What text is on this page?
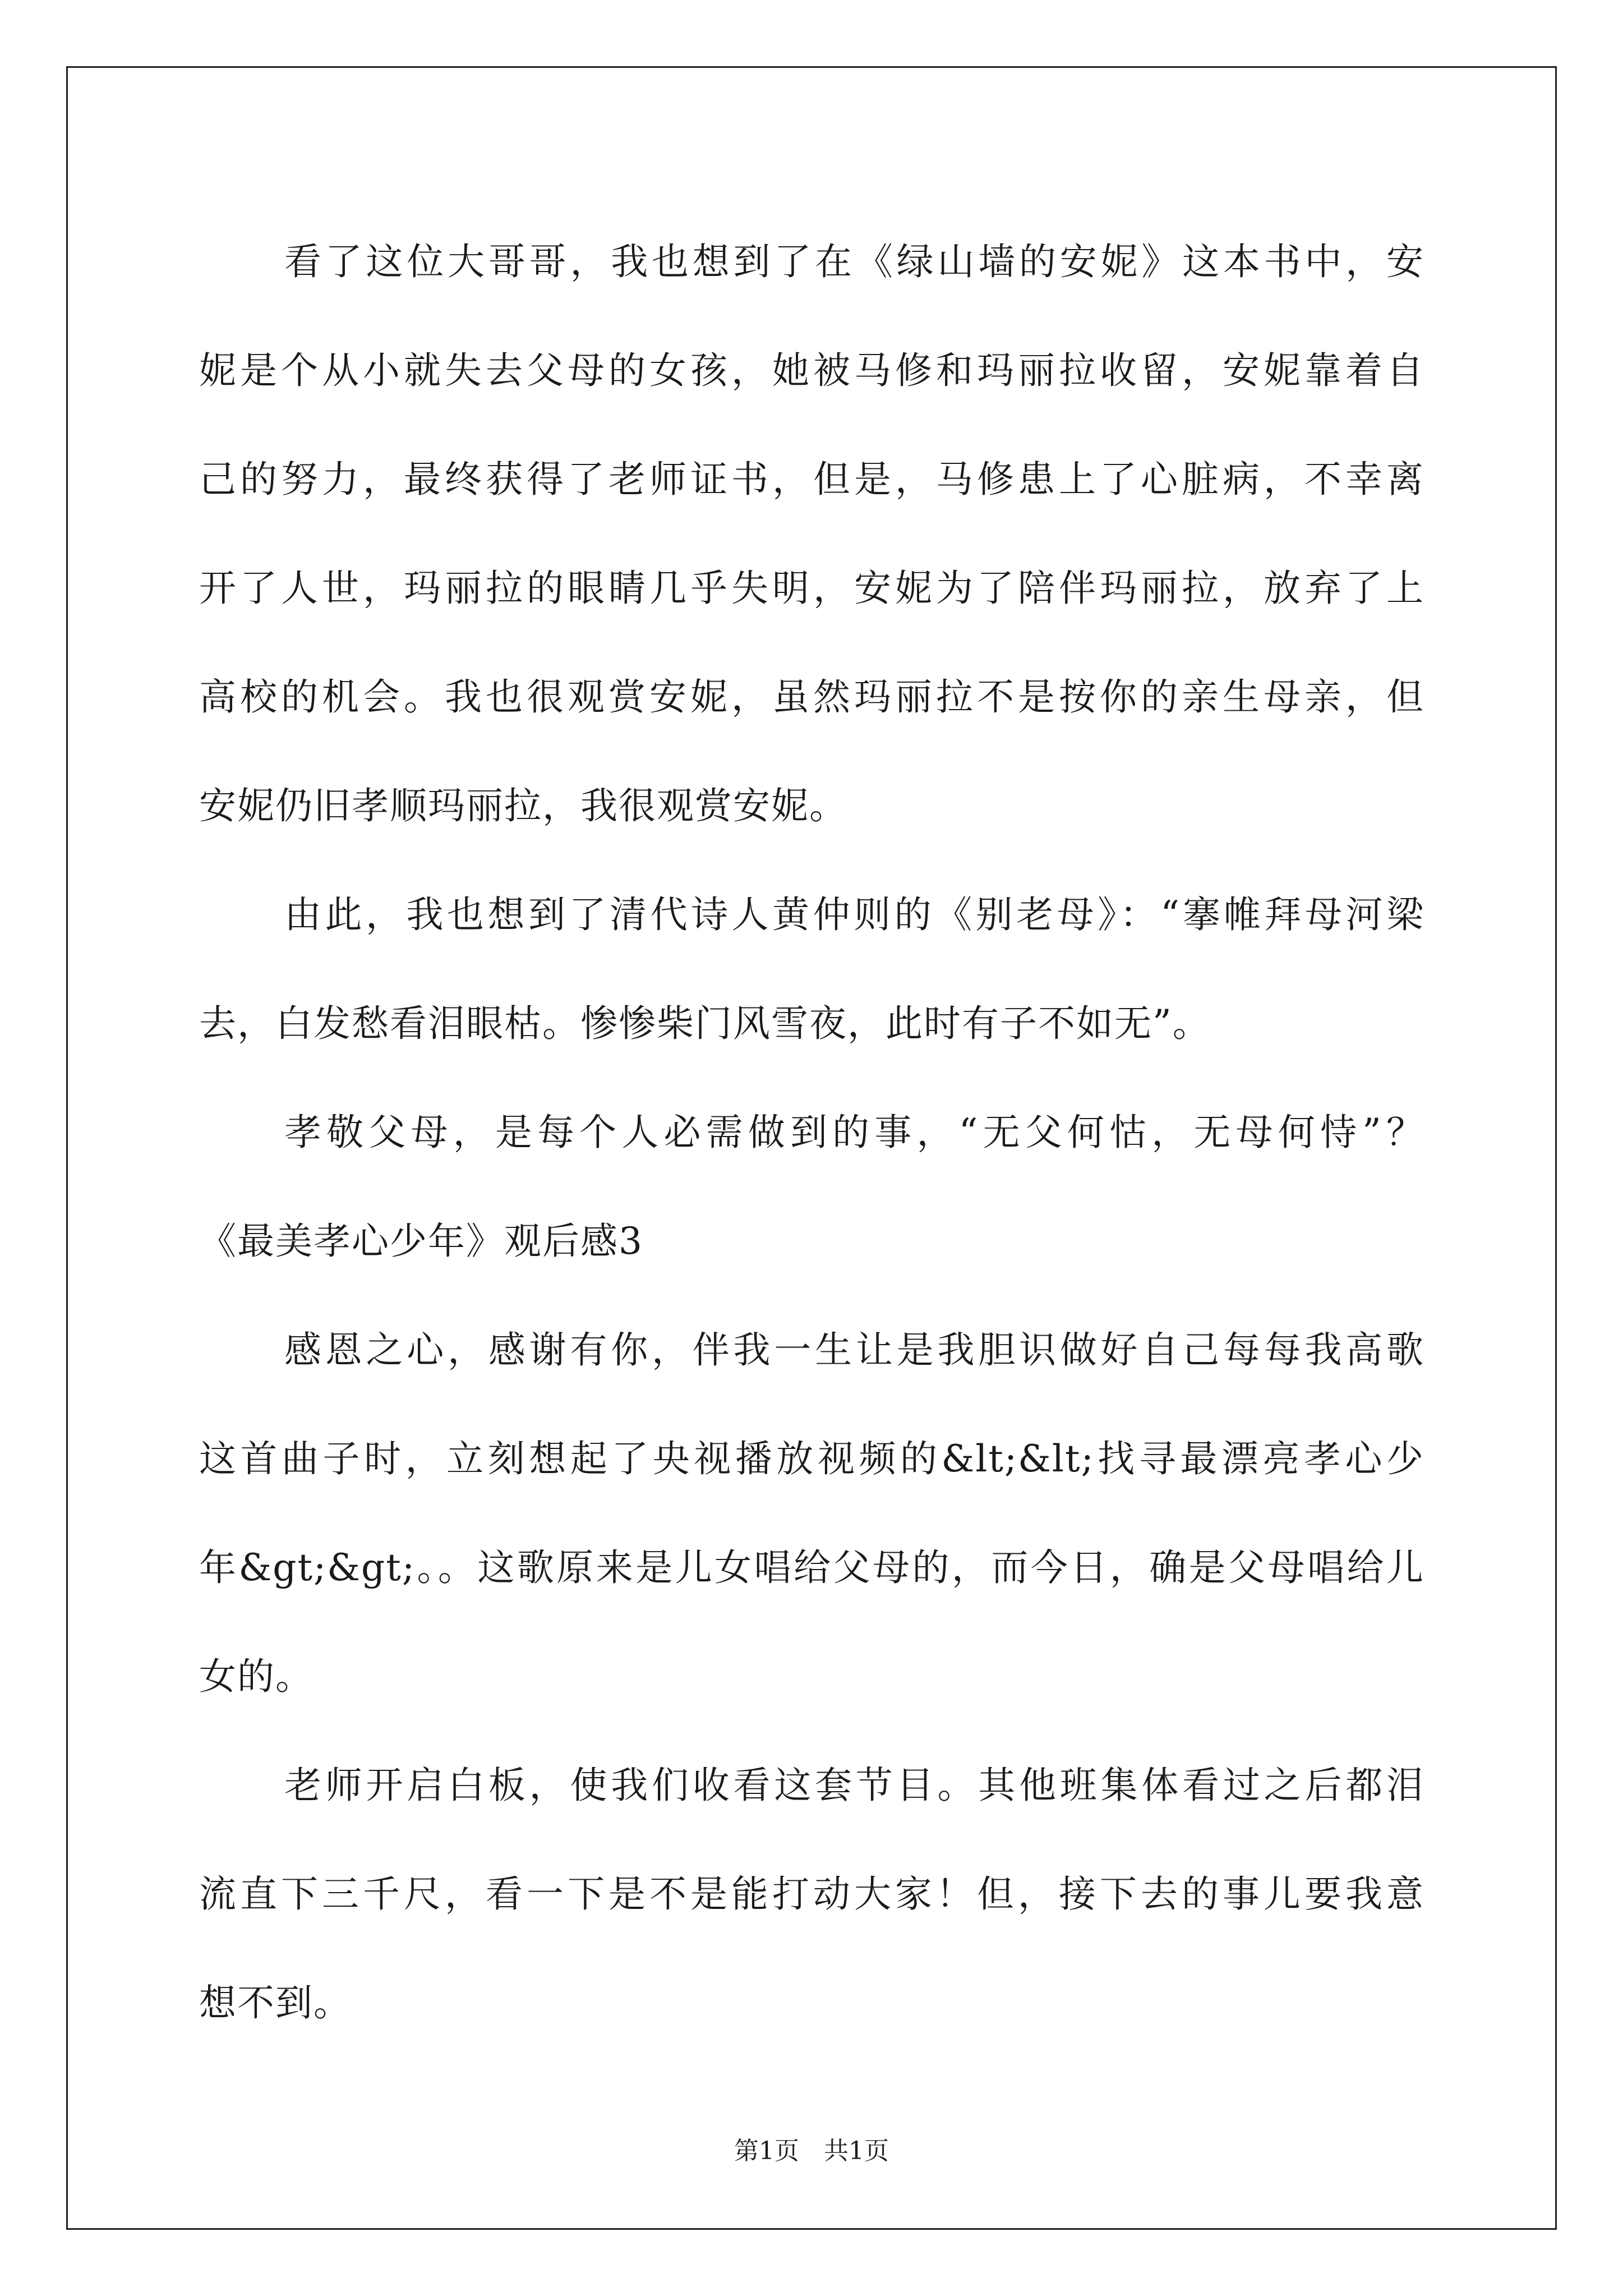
看了这位大哥哥，我也想到了在《绿山墙的安妮》这本书中，安
妮是个从小就失去父母的女孩，她被马修和玛丽拉收留，安妮靠着自
己的努力，最终获得了老师证书，但是，马修患上了心脏病，不幸离
开了人世，玛丽拉的眼睛几乎失明，安妮为了陪伴玛丽拉，放弃了上
高校的机会。我也很观赏安妮，虽然玛丽拉不是按你的亲生母亲，但
安妮仍旧孝顺玛丽拉，我很观赏安妮。
由此，我也想到了清代诗人黄仲则的《别老母》：“搴帷拜母河梁
去，白发愁看泪眼枯。惨惨柴门风雪夜，此时有子不如无”。
孝敬父母，是每个人必需做到的事，“无父何怙，无母何恃”？
《最美孝心少年》观后感3
感恩之心，感谢有你，伴我一生让是我胆识做好自己每每我高歌
这首曲子时，立刻想起了央视播放视频的&lt;&lt;找寻最漂亮孝心少
年&gt;&gt;。。这歌原来是儿女唱给父母的，而今日，确是父母唱给儿
女的。
老师开启白板，使我们收看这套节目。其他班集体看过之后都泪
流直下三千尺，看一下是不是能打动大家！但，接下去的事儿要我意
想不到。
第1页 共1页
